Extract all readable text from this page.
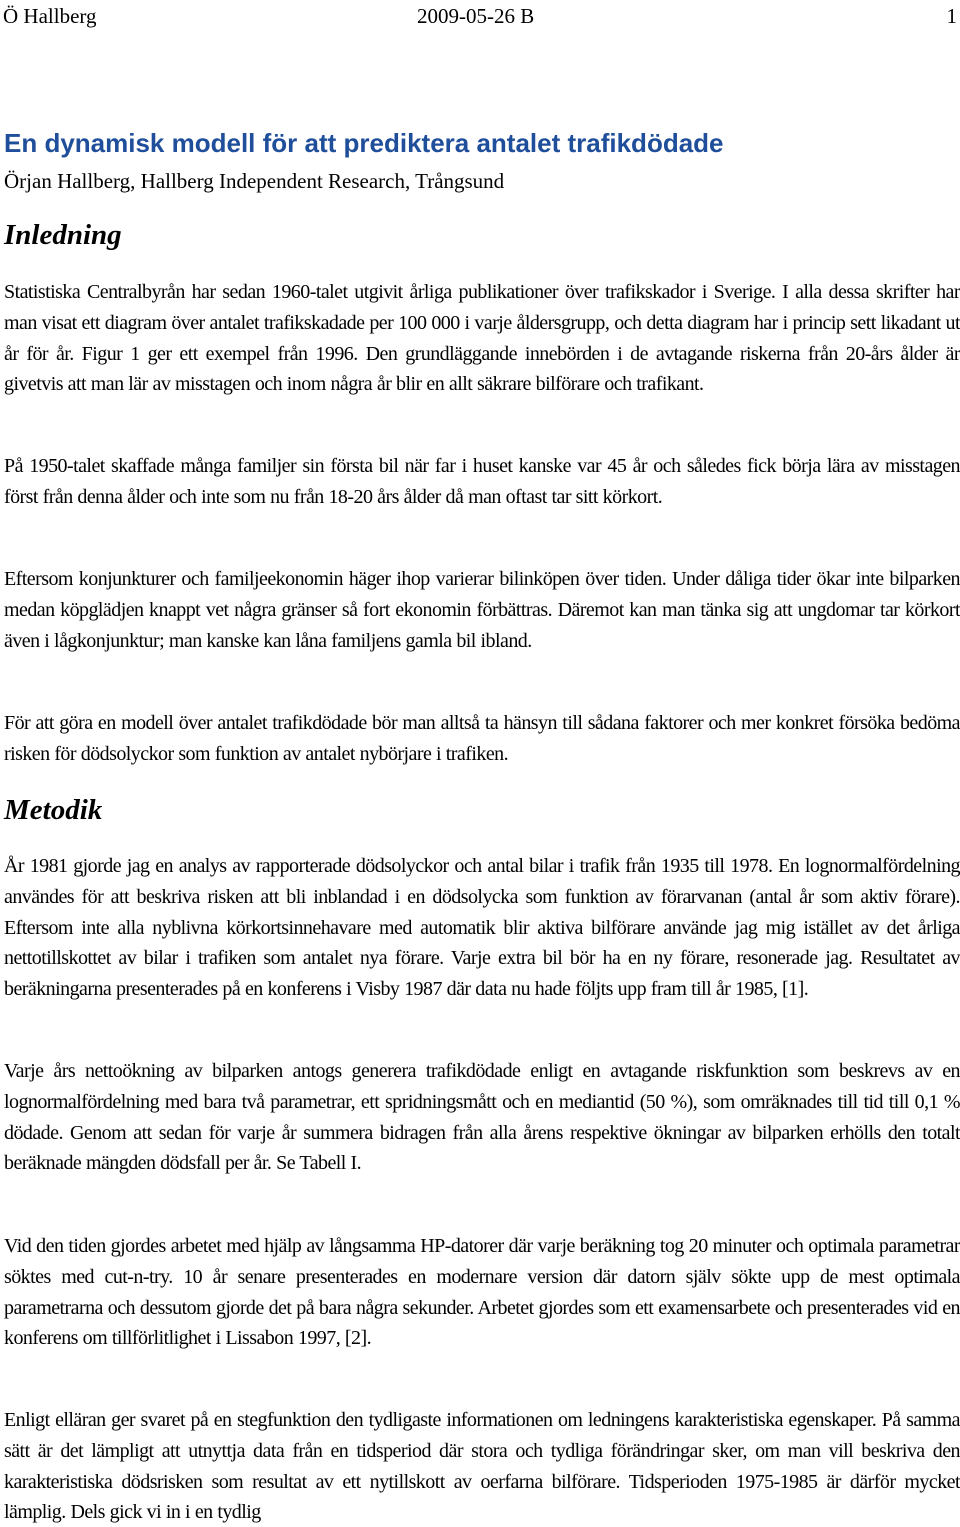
Ö Hallberg	2009-05-26 B	1
En dynamisk modell för att prediktera antalet trafikdödade
Örjan Hallberg, Hallberg Independent Research, Trångsund
Inledning

Statistiska Centralbyrån har sedan 1960-talet utgivit årliga publikationer över trafikskador i Sverige. I alla dessa skrifter har man visat ett diagram över antalet trafikskadade per 100 000 i varje åldersgrupp, och detta diagram har i princip sett likadant ut år för år. Figur 1 ger ett exempel från 1996. Den grundläggande innebörden i de avtagande riskerna från 20-års ålder är givetvis att man lär av misstagen och inom några år blir en allt säkrare bilförare och trafikant.

På 1950-talet skaffade många familjer sin första bil när far i huset kanske var 45 år och således fick börja lära av misstagen först från denna ålder och inte som nu från 18-20 års ålder då man oftast tar sitt körkort.

Eftersom konjunkturer och familjeekonomin häger ihop varierar bilinköpen över tiden. Under dåliga tider ökar inte bilparken medan köpglädjen knappt vet några gränser så fort ekonomin förbättras. Däremot kan man tänka sig att ungdomar tar körkort även i lågkonjunktur; man kanske kan låna familjens gamla bil ibland.

För att göra en modell över antalet trafikdödade bör man alltså ta hänsyn till sådana faktorer och mer konkret försöka bedöma risken för dödsolyckor som funktion av antalet nybörjare i trafiken.

Metodik

År 1981 gjorde jag en analys av rapporterade dödsolyckor och antal bilar i trafik från 1935 till 1978. En lognormalfördelning användes för att beskriva risken att bli inblandad i en dödsolycka som funktion av förarvanan (antal år som aktiv förare). Eftersom inte alla nyblivna körkortsinnehavare med automatik blir aktiva bilförare använde jag mig istället av det årliga nettotillskottet av bilar i trafiken som antalet nya förare. Varje extra bil bör ha en ny förare, resonerade jag. Resultatet av beräkningarna presenterades på en konferens i Visby 1987 där data nu hade följts upp fram till år 1985, [1].

Varje års nettoökning av bilparken antogs generera trafikdödade enligt en avtagande riskfunktion som beskrevs av en lognormalfördelning med bara två parametrar, ett spridningsmått och en mediantid (50 %), som omräknades till tid till 0,1 % dödade. Genom att sedan för varje år summera bidragen från alla årens respektive ökningar av bilparken erhölls den totalt beräknade mängden dödsfall per år. Se Tabell I.

Vid den tiden gjordes arbetet med hjälp av långsamma HP-datorer där varje beräkning tog 20 minuter och optimala parametrar söktes med cut-n-try. 10 år senare presenterades en modernare version där datorn själv sökte upp de mest optimala parametrarna och dessutom gjorde det på bara några sekunder. Arbetet gjordes som ett examensarbete och presenterades vid en konferens om tillförlitlighet i Lissabon 1997, [2].

Enligt elläran ger svaret på en stegfunktion den tydligaste informationen om ledningens karakteristiska egenskaper. På samma sätt är det lämpligt att utnyttja data från en tidsperiod där stora och tydliga förändringar sker, om man vill beskriva den karakteristiska dödsrisken som resultat av ett nytillskott av oerfarna bilförare. Tidsperioden 1975-1985 är därför mycket lämplig. Dels gick vi in i en tydlig
